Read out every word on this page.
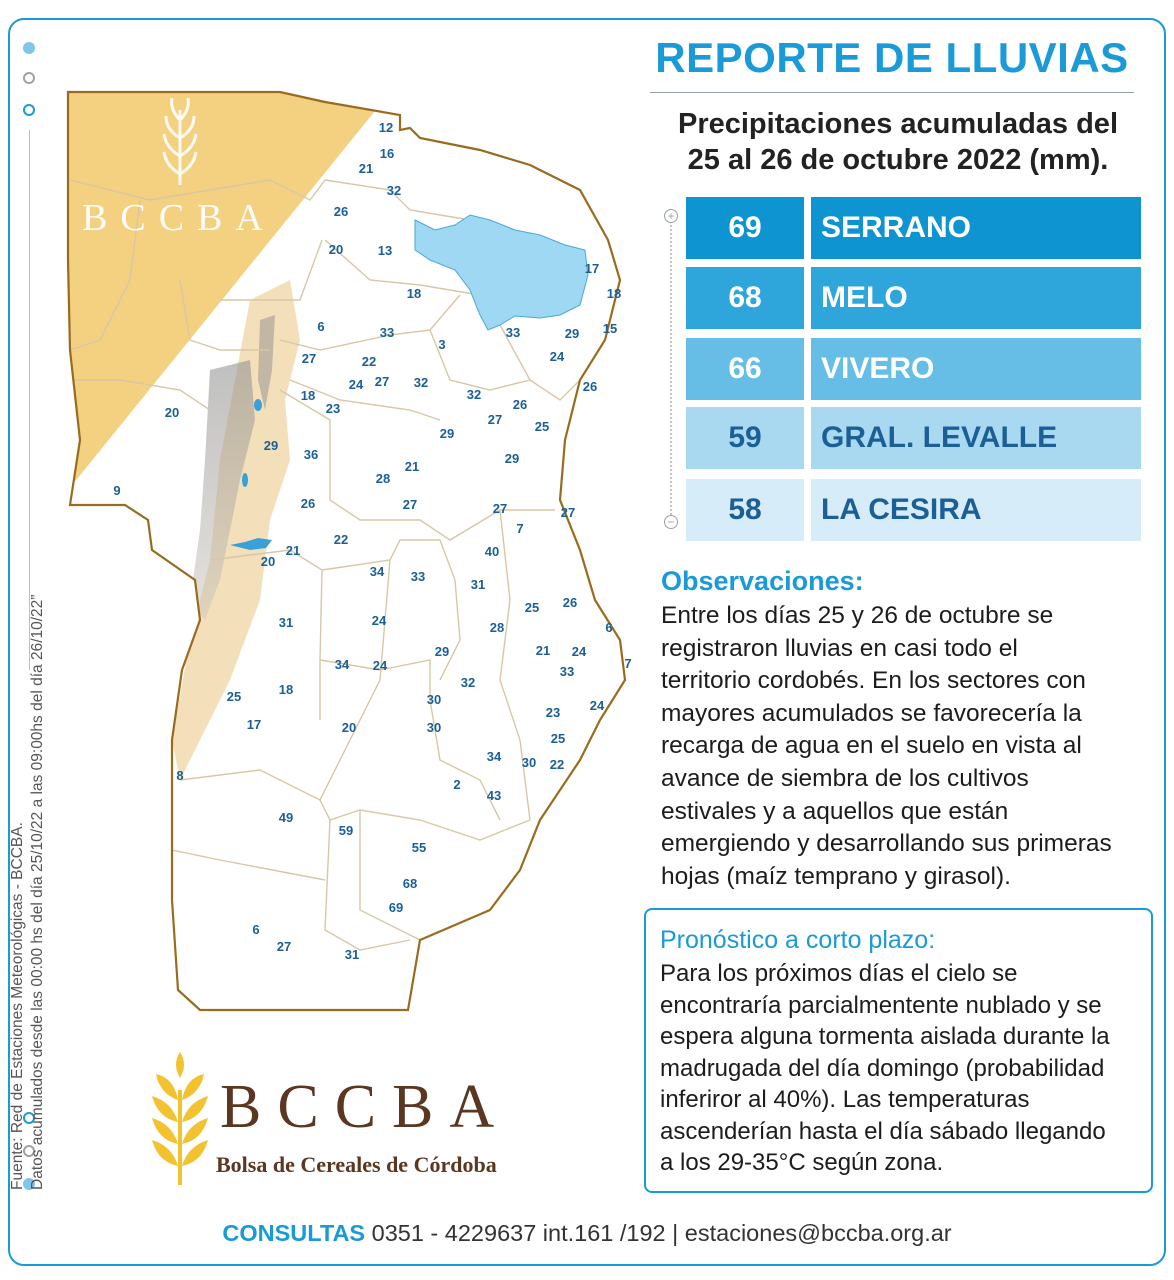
Fuente: Red de Estaciones Meteorológicas - BCCBA. Datos acumulados desde las 00:00 hs del día 25/10/22 a las 09:00hs del día 26/10/22”
12
16
21
32
26
20	13
17
18	18
6	33
3
33	29 15
24
27	22
24 27 32	26
18
23
32
26
27	25
20
29
36
29
21
28
29
9
26	27	27
7
27
22
21	40
20
34 33
31
25 26
31	24	28	6
24
29	21
24	7
34	33
25	18	32
30
17
23
20	30
24
25
34 30 22
8
2
43
49
59
55
68
69
6
27
31
BCCBA
REPORTE DE LLUVIAS
Precipitaciones acumuladas del
25 al 26 de octubre 2022 (mm).
+
−
69	SERRANO
68	MELO
66	VIVERO
59	GRAL. LEVALLE
58	LA CESIRA
Observaciones:
Entre los días 25 y 26 de octubre se
registraron lluvias en casi todo el
territorio cordobés. En los sectores con
mayores acumulados se favorecería la
recarga de agua en el suelo en vista al
avance de siembra de los cultivos
estivales y a aquellos que están
emergiendo y desarrollando sus primeras
hojas (maíz temprano y girasol).
Pronóstico a corto plazo:
Para los próximos días el cielo se
encontraría parcialmententе nublado y se
espera alguna tormenta aislada durante la
madrugada del día domingo (probabilidad
inferiror al 40%). Las temperaturas
ascenderían hasta el día sábado llegando
a los 29-35°C según zona.
BCCBA
Bolsa de Cereales de Córdoba
CONSULTAS 0351 - 4229637 int.161 /192 | estaciones@bccba.org.ar
